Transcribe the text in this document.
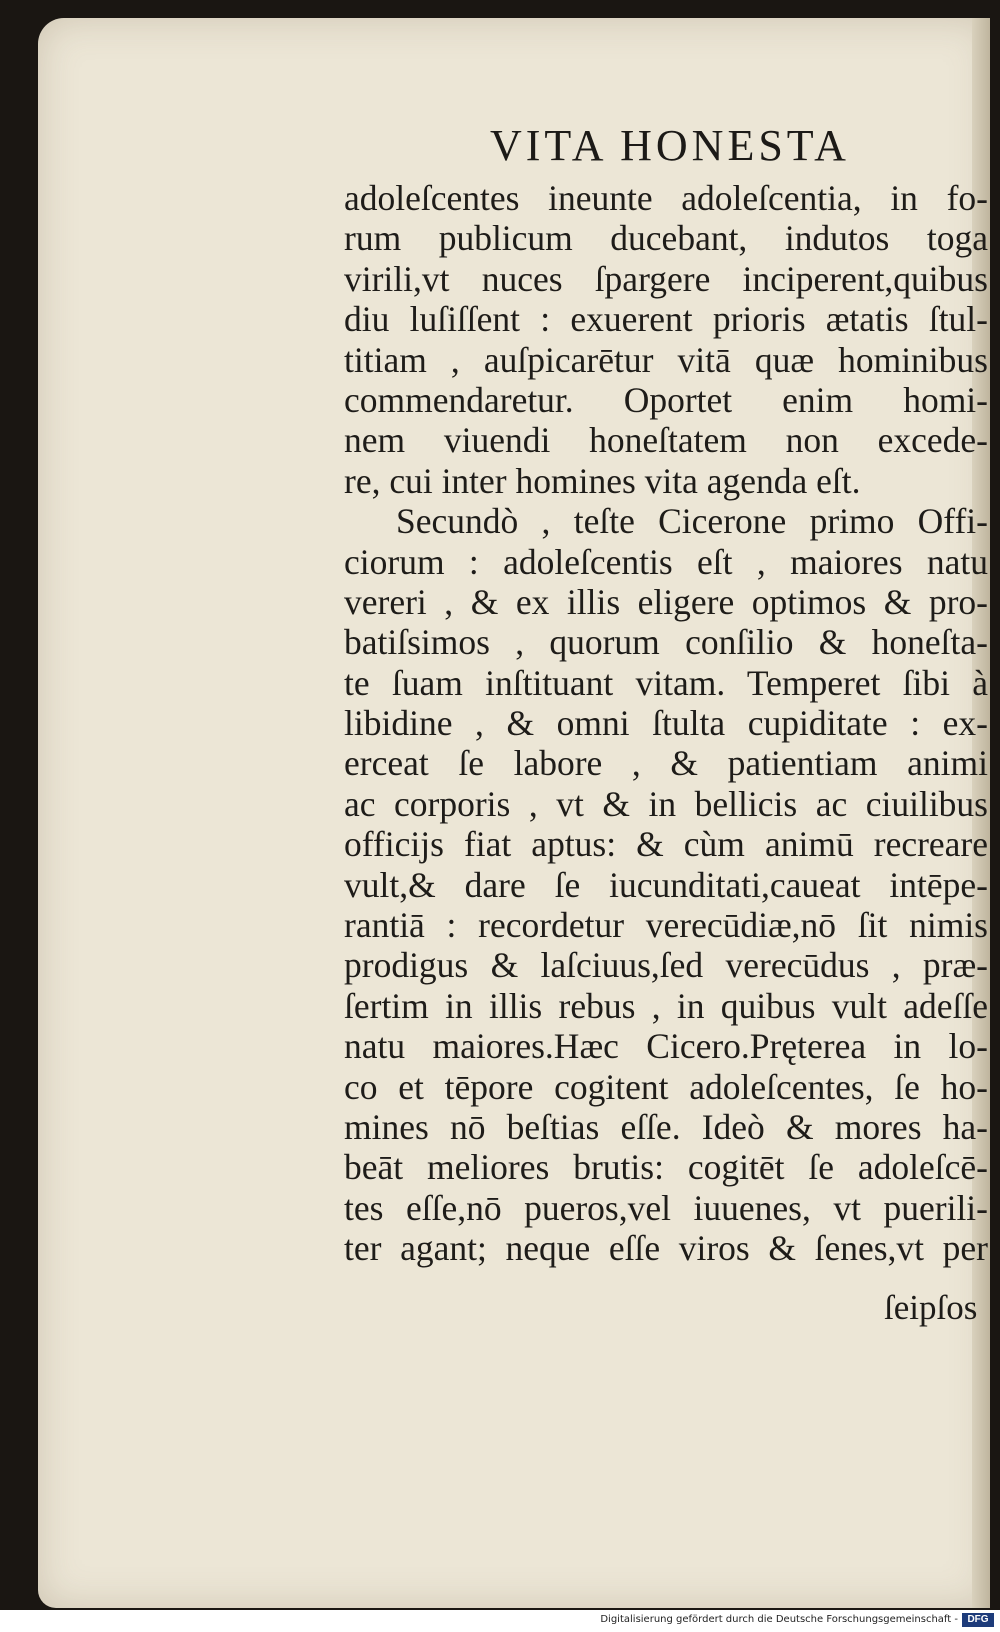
VITA HONESTA
adoleſcentes ineunte adoleſcentia, in fo-
rum publicum ducebant, indutos toga
virili,vt nuces ſpargere inciperent,quibus
diu luſiſſent : exuerent prioris ætatis ſtul-
titiam , auſpicarētur vitā quæ hominibus
commendaretur. Oportet enim homi-
nem viuendi honeſtatem non excede-
re, cui inter homines vita agenda eſt.
Secundò , teſte Cicerone primo Offi-
ciorum : adoleſcentis eſt , maiores natu
vereri , & ex illis eligere optimos & pro-
batiſsimos , quorum conſilio & honeſta-
te ſuam inſtituant vitam. Temperet ſibi à
libidine , & omni ſtulta cupiditate : ex-
erceat ſe labore , & patientiam animi
ac corporis , vt & in bellicis ac ciuilibus
officijs fiat aptus: & cùm animū recreare
vult,& dare ſe iucunditati,caueat intēpe-
rantiā : recordetur verecūdiæ,nō ſit nimis
prodigus & laſciuus,ſed verecūdus , præ-
ſertim in illis rebus , in quibus vult adeſſe
natu maiores.Hæc Cicero.Pręterea in lo-
co et tēpore cogitent adoleſcentes, ſe ho-
mines nō beſtias eſſe. Ideò & mores ha-
beāt meliores brutis: cogitēt ſe adoleſcē-
tes eſſe,nō pueros,vel iuuenes, vt puerili-
ter agant; neque eſſe viros & ſenes,vt per
ſeipſos
Digitalisierung gefördert durch die Deutsche Forschungsgemeinschaft - DFG
